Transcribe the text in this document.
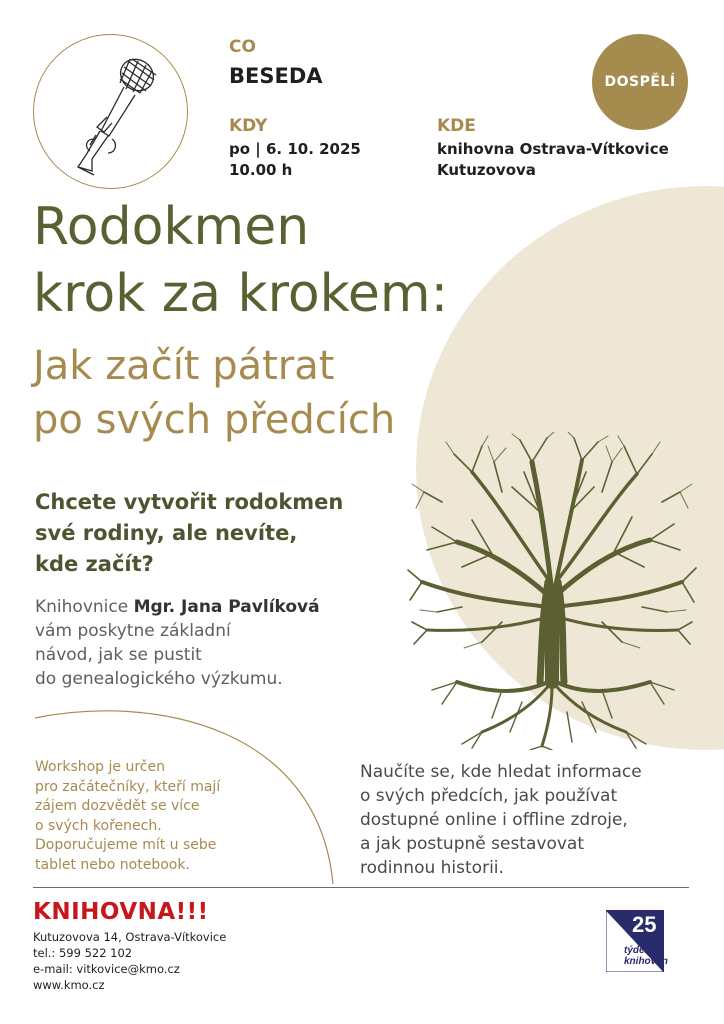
CO
BESEDA
KDY
po | 6. 10. 2025
10.00 h
KDE
knihovna Ostrava-Vítkovice
Kutuzovova
DOSPĚLÍ
Rodokmen
krok za krokem:
Jak začít pátrat
po svých předcích
Chcete vytvořit rodokmen
své rodiny, ale nevíte,
kde začít?
Knihovnice Mgr. Jana Pavlíková
vám poskytne základní
návod, jak se pustit
do genealogického výzkumu.
Workshop je určen
pro začátečníky, kteří mají
zájem dozvědět se více
o svých kořenech.
Doporučujeme mít u sebe
tablet nebo notebook.
Naučíte se, kde hledat informace
o svých předcích, jak používat
dostupné online i offline zdroje,
a jak postupně sestavovat
rodinnou historii.
KNIHOVNA!!!
Kutuzovova 14, Ostrava-Vítkovice
tel.: 599 522 102
e-mail: vitkovice@kmo.cz
www.kmo.cz
25
týden
knihoven
